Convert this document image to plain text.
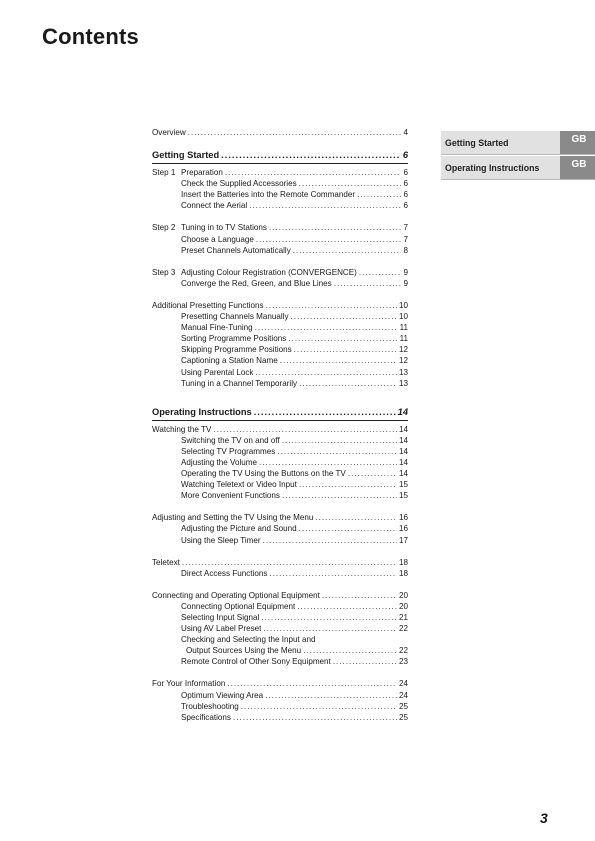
Contents
Overview .....	4
Getting Started .....	6
Step 1 Preparation .....	6
Check the Supplied Accessories .....	6
Insert the Batteries into the Remote Commander .....	6
Connect the Aerial .....	6
Step 2 Tuning in to TV Stations .....	7
Choose a Language .....	7
Preset Channels Automatically .....	8
Step 3 Adjusting Colour Registration (CONVERGENCE) .....	9
Converge the Red, Green, and Blue Lines .....	9
Additional Presetting Functions .....	10
Presetting Channels Manually .....	10
Manual Fine-Tuning .....	11
Sorting Programme Positions .....	11
Skipping Programme Positions .....	12
Captioning a Station Name .....	12
Using Parental Lock .....	13
Tuning in a Channel Temporarily .....	13
Operating Instructions .....	14
Watching the TV .....	14
Switching the TV on and off .....	14
Selecting TV Programmes .....	14
Adjusting the Volume .....	14
Operating the TV Using the Buttons on the TV .....	14
Watching Teletext or Video Input .....	15
More Convenient Functions .....	15
Adjusting and Setting the TV Using the Menu .....	16
Adjusting the Picture and Sound .....	16
Using the Sleep Timer .....	17
Teletext .....	18
Direct Access Functions .....	18
Connecting and Operating Optional Equipment .....	20
Connecting Optional Equipment .....	20
Selecting Input Signal .....	21
Using AV Label Preset .....	22
Checking and Selecting the Input and
Output Sources Using the Menu .....	22
Remote Control of Other Sony Equipment .....	23
For Your Information .....	24
Optimum Viewing Area .....	24
Troubleshooting .....	25
Specifications .....	25
Getting Started	GB
Operating Instructions	GB
3
